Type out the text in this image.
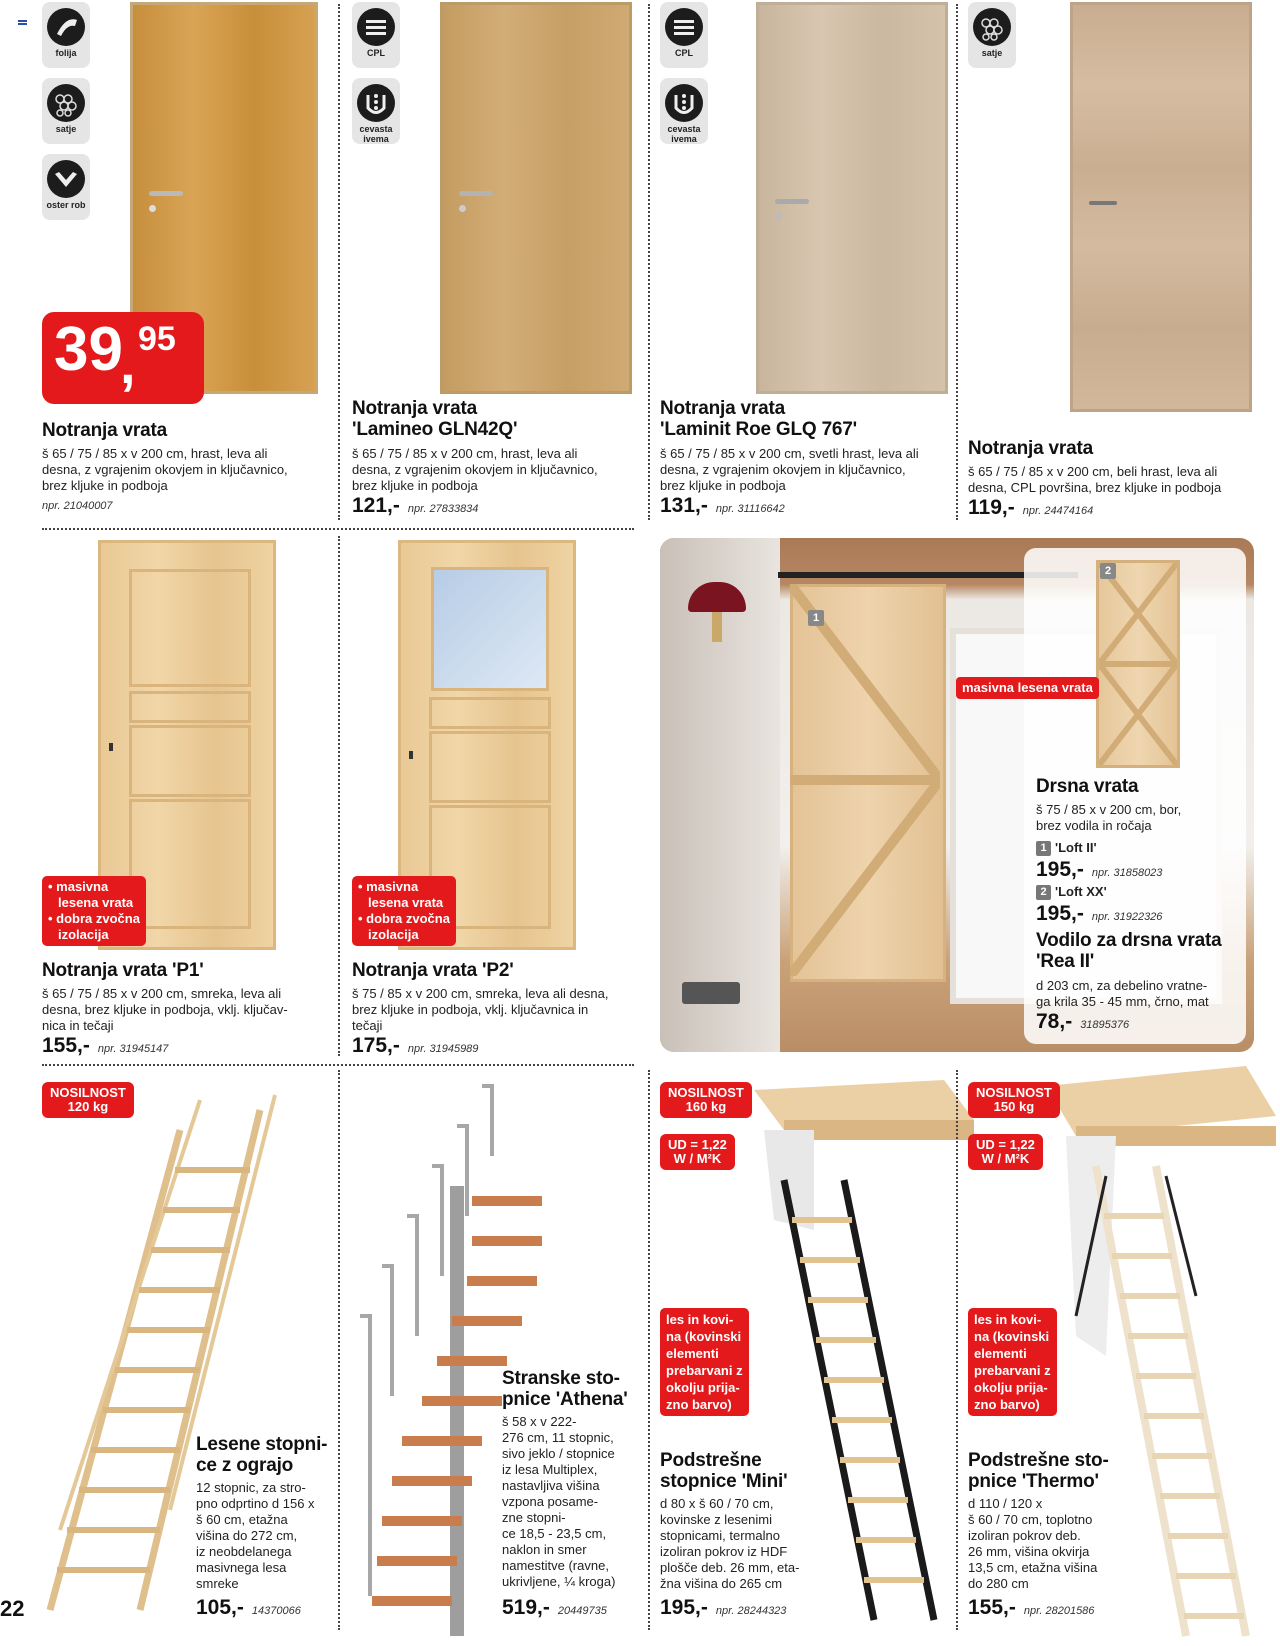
folija
satje
oster rob
39 95
,
Notranja vrata
š 65 / 75 / 85 x v 200 cm, hrast, leva ali
desna, z vgrajenim okovjem in ključavnico,
brez kljuke in podboja
npr. 21040007
CPL
cevasta ivema
Notranja vrata
'Lamineo GLN42Q'
š 65 / 75 / 85 x v 200 cm, hrast, leva ali
desna, z vgrajenim okovjem in ključavnico,
brez kljuke in podboja
121,- npr. 27833834
CPL
cevasta ivema
Notranja vrata
'Laminit Roe GLQ 767'
š 65 / 75 / 85 x v 200 cm, svetli hrast, leva ali
desna, z vgrajenim okovjem in ključavnico,
brez kljuke in podboja
131,- npr. 31116642
satje
Notranja vrata
š 65 / 75 / 85 x v 200 cm, beli hrast, leva ali
desna, CPL površina, brez kljuke in podboja
119,- npr. 24474164
• masivna
lesena vrata
• dobra zvočna
izolacija
Notranja vrata 'P1'
š 65 / 75 / 85 x v 200 cm, smreka, leva ali
desna, brez kljuke in podboja, vklj. ključav-
nica in tečaji
155,- npr. 31945147
• masivna
lesena vrata
• dobra zvočna
izolacija
Notranja vrata 'P2'
š 75 / 85 x v 200 cm, smreka, leva ali desna,
brez kljuke in podboja, vklj. ključavnica in
tečaji
175,- npr. 31945989
1
2
masivna lesena vrata
Drsna vrata
š 75 / 85 x v 200 cm, bor,
brez vodila in ročaja
1 'Loft II'
195,- npr. 31858023
2 'Loft XX'
195,- npr. 31922326
Vodilo za drsna vrata
'Rea II'
d 203 cm, za debelino vratne-
ga krila 35 - 45 mm, črno, mat
78,- 31895376
NOSILNOST
120 kg
Lesene stopni-
ce z ograjo
12 stopnic, za stro-
pno odprtino d 156 x
š 60 cm, etažna
višina do 272 cm,
iz neobdelanega
masivnega lesa
smreke
105,- 14370066
22
Stranske sto-
pnice 'Athena'
š 58 x v 222-
276 cm, 11 stopnic,
sivo jeklo / stopnice
iz lesa Multiplex,
nastavljiva višina
vzpona posame-
zne stopni-
ce 18,5 - 23,5 cm,
naklon in smer
namestitve (ravne,
ukrivljene, ¼ kroga)
519,- 20449735
NOSILNOST
160 kg
UD = 1,22
W / M²K
les in kovi-
na (kovinski
elementi
prebarvani z
okolju prija-
zno barvo)
Podstrešne
stopnice 'Mini'
d 80 x š 60 / 70 cm,
kovinske z lesenimi
stopnicami, termalno
izoliran pokrov iz HDF
plošče deb. 26 mm, eta-
žna višina do 265 cm
195,- npr. 28244323
NOSILNOST
150 kg
UD = 1,22
W / M²K
les in kovi-
na (kovinski
elementi
prebarvani z
okolju prija-
zno barvo)
Podstrešne sto-
pnice 'Thermo'
d 110 / 120 x
š 60 / 70 cm, toplotno
izoliran pokrov deb.
26 mm, višina okvirja
13,5 cm, etažna višina
do 280 cm
155,- npr. 28201586
